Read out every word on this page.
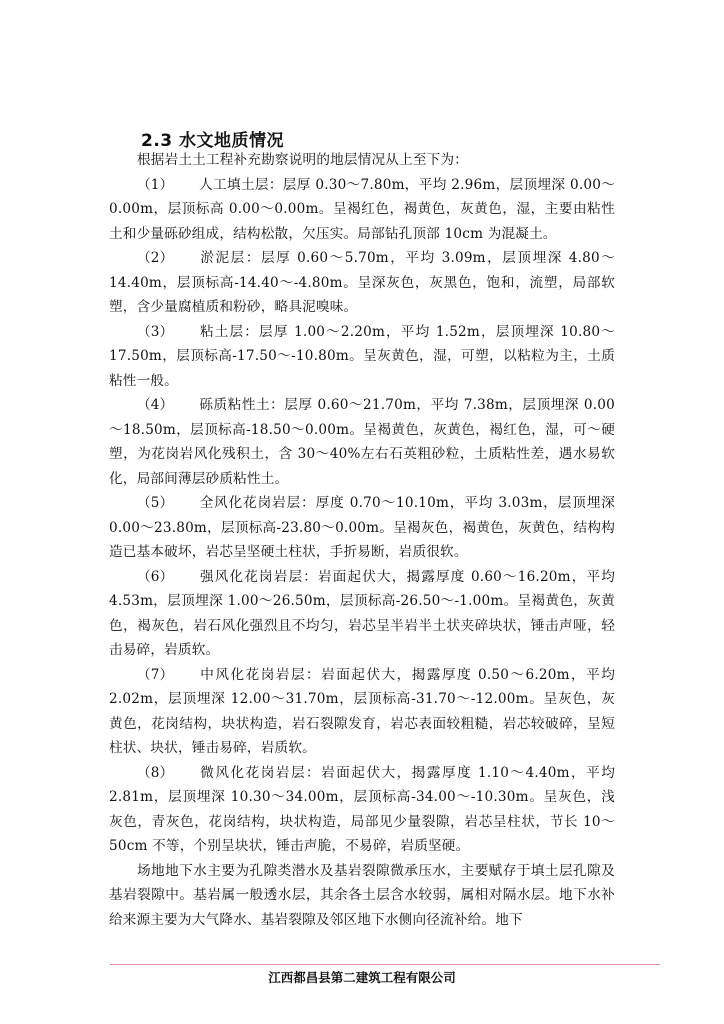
2.3 水文地质情况

根据岩土土工程补充勘察说明的地层情况从上至下为：

（1） 人工填土层：层厚 0.30～7.80m，平均 2.96m，层顶埋深 0.00～0.00m，层顶标高 0.00～0.00m。呈褐红色，褐黄色，灰黄色，湿，主要由粘性土和少量砾砂组成，结构松散，欠压实。局部钻孔顶部 10cm 为混凝土。

（2） 淤泥层：层厚 0.60～5.70m，平均 3.09m，层顶埋深 4.80～14.40m，层顶标高-14.40～-4.80m。呈深灰色，灰黑色，饱和，流塑，局部软塑，含少量腐植质和粉砂，略具泥嗅味。

（3） 粘土层：层厚 1.00～2.20m，平均 1.52m，层顶埋深 10.80～17.50m，层顶标高-17.50～-10.80m。呈灰黄色，湿，可塑，以粘粒为主，土质粘性一般。

（4） 砾质粘性土：层厚 0.60～21.70m，平均 7.38m，层顶埋深 0.00～18.50m，层顶标高-18.50～0.00m。呈褐黄色，灰黄色，褐红色，湿，可～硬塑，为花岗岩风化残积土，含 30～40%左右石英粗砂粒，土质粘性差，遇水易软化，局部间薄层砂质粘性土。

（5） 全风化花岗岩层：厚度 0.70～10.10m，平均 3.03m，层顶埋深 0.00～23.80m，层顶标高-23.80～0.00m。呈褐灰色，褐黄色，灰黄色，结构构造已基本破坏，岩芯呈坚硬土柱状，手折易断，岩质很软。

（6） 强风化花岗岩层：岩面起伏大，揭露厚度 0.60～16.20m，平均 4.53m，层顶埋深 1.00～26.50m，层顶标高-26.50～-1.00m。呈褐黄色，灰黄色，褐灰色，岩石风化强烈且不均匀，岩芯呈半岩半土状夹碎块状，锤击声哑，轻击易碎，岩质软。

（7） 中风化花岗岩层：岩面起伏大，揭露厚度 0.50～6.20m，平均 2.02m，层顶埋深 12.00～31.70m，层顶标高-31.70～-12.00m。呈灰色，灰黄色，花岗结构，块状构造，岩石裂隙发育，岩芯表面较粗糙，岩芯较破碎，呈短柱状、块状，锤击易碎，岩质软。

（8） 微风化花岗岩层：岩面起伏大，揭露厚度 1.10～4.40m，平均 2.81m，层顶埋深 10.30～34.00m，层顶标高-34.00～-10.30m。呈灰色，浅灰色，青灰色，花岗结构，块状构造，局部见少量裂隙，岩芯呈柱状，节长 10～50cm 不等，个别呈块状，锤击声脆，不易碎，岩质坚硬。

场地地下水主要为孔隙类潜水及基岩裂隙微承压水，主要赋存于填土层孔隙及基岩裂隙中。基岩属一般透水层，其余各土层含水较弱，属相对隔水层。地下水补给来源主要为大气降水、基岩裂隙及邻区地下水侧向径流补给。地下

江西都昌县第二建筑工程有限公司
